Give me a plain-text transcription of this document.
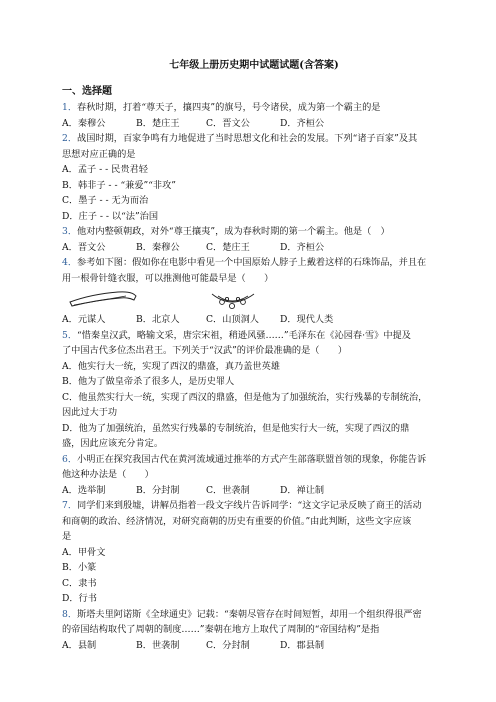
七年级上册历史期中试题试题(含答案)
一、选择题
1．春秋时期，打着“尊天子，攘四夷”的旗号，号令诸侯，成为第一个霸主的是
A．秦穆公	B．楚庄王	C．晋文公	D．齐桓公
2．战国时期，百家争鸣有力地促进了当时思想文化和社会的发展。下列“诸子百家”及其
思想对应正确的是
A．孟子 - - 民贵君轻
B．韩非子 - - “兼爱”“非攻”
C．墨子 - - 无为而治
D．庄子 - - 以“法”治国
3．他对内整顿朝政，对外“尊王攘夷”，成为春秋时期的第一个霸主。他是（　）
A．晋文公	B．秦穆公	C．楚庄王	D．齐桓公
4．参考如下图：假如你在电影中看见一个中国原始人脖子上戴着这样的石珠饰品，并且在
用一根骨针缝衣服，可以推测他可能最早是（　　）
A．元谋人	B．北京人	C．山顶洞人	D．现代人类
5．“惜秦皇汉武，略输文采，唐宗宋祖，稍逊风骚……”毛泽东在《沁园春·雪》中提及
了中国古代多位杰出君王。下列关于“汉武”的评价最准确的是（　　）
A．他实行大一统，实现了西汉的鼎盛，真乃盖世英雄
B．他为了做皇帝杀了很多人，是历史罪人
C．他虽然实行大一统，实现了西汉的鼎盛，但是他为了加强统治，实行残暴的专制统治，
因此过大于功
D．他为了加强统治，虽然实行残暴的专制统治，但是他实行大一统，实现了西汉的鼎
盛，因此应该充分肯定。
6．小明正在探究我国古代在黄河流域通过推举的方式产生部落联盟首领的现象，你能告诉
他这种办法是（　　）
A．选举制	B．分封制	C．世袭制	D．禅让制
7．同学们来到殷墟，讲解员指着一段文字线片告诉同学：“这文字记录反映了商王的活动
和商朝的政治、经济情况，对研究商朝的历史有重要的价值。”由此判断，这些文字应该
是
A．甲骨文
B．小篆
C．隶书
D．行书
8．斯塔夫里阿诺斯《全球通史》记载：“秦朝尽管存在时间短暂，却用一个组织得很严密
的帝国结构取代了周朝的制度……”秦朝在地方上取代了周制的“帝国结构”是指
A．县制	B．世袭制	C．分封制	D．郡县制
